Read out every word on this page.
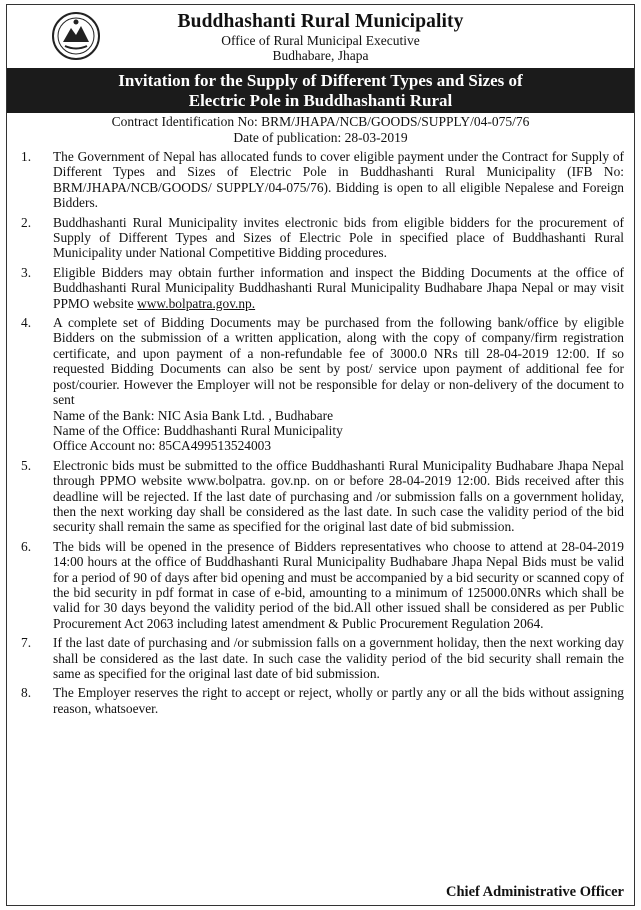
Buddhashanti Rural Municipality
Office of Rural Municipal Executive
Budhabare, Jhapa
Invitation for the Supply of Different Types and Sizes of
Electric Pole in Buddhashanti Rural
Contract Identification No: BRM/JHAPA/NCB/GOODS/SUPPLY/04-075/76
Date of publication: 28-03-2019
1. The Government of Nepal has allocated funds to cover eligible payment under the Contract for Supply of Different Types and Sizes of Electric Pole in Buddhashanti Rural Municipality (IFB No: BRM/JHAPA/NCB/GOODS/ SUPPLY/04-075/76). Bidding is open to all eligible Nepalese and Foreign Bidders.
2. Buddhashanti Rural Municipality invites electronic bids from eligible bidders for the procurement of Supply of Different Types and Sizes of Electric Pole in specified place of Buddhashanti Rural Municipality under National Competitive Bidding procedures.
3. Eligible Bidders may obtain further information and inspect the Bidding Documents at the office of Buddhashanti Rural Municipality Buddhashanti Rural Municipality Budhabare Jhapa Nepal or may visit PPMO website www.bolpatra.gov.np.
4. A complete set of Bidding Documents may be purchased from the following bank/office by eligible Bidders on the submission of a written application, along with the copy of company/firm registration certificate, and upon payment of a non-refundable fee of 3000.0 NRs till 28-04-2019 12:00. If so requested Bidding Documents can also be sent by post/ service upon payment of additional fee for post/courier. However the Employer will not be responsible for delay or non-delivery of the document to sent
Name of the Bank: NIC Asia Bank Ltd. , Budhabare
Name of the Office: Buddhashanti Rural Municipality
Office Account no: 85CA499513524003
5. Electronic bids must be submitted to the office Buddhashanti Rural Municipality Budhabare Jhapa Nepal through PPMO website www.bolpatra. gov.np. on or before 28-04-2019 12:00. Bids received after this deadline will be rejected. If the last date of purchasing and /or submission falls on a government holiday, then the next working day shall be considered as the last date. In such case the validity period of the bid security shall remain the same as specified for the original last date of bid submission.
6. The bids will be opened in the presence of Bidders representatives who choose to attend at 28-04-2019 14:00 hours at the office of Buddhashanti Rural Municipality Budhabare Jhapa Nepal Bids must be valid for a period of 90 of days after bid opening and must be accompanied by a bid security or scanned copy of the bid security in pdf format in case of e-bid, amounting to a minimum of 125000.0NRs which shall be valid for 30 days beyond the validity period of the bid.All other issued shall be considered as per Public Procurement Act 2063 including latest amendment & Public Procurement Regulation 2064.
7. If the last date of purchasing and /or submission falls on a government holiday, then the next working day shall be considered as the last date. In such case the validity period of the bid security shall remain the same as specified for the original last date of bid submission.
8. The Employer reserves the right to accept or reject, wholly or partly any or all the bids without assigning reason, whatsoever.
Chief Administrative Officer
